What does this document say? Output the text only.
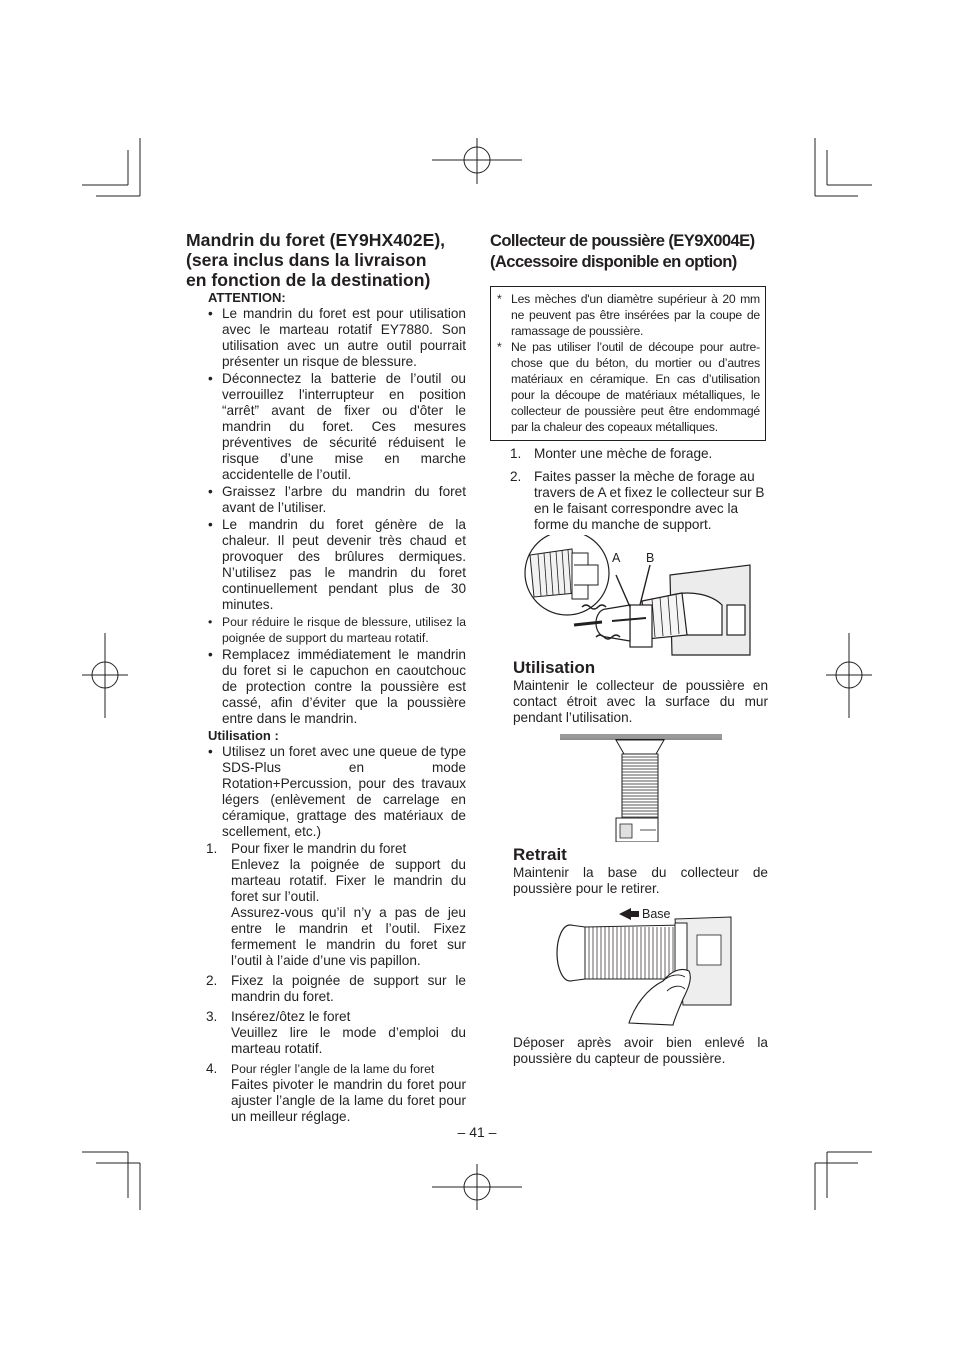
Mandrin du foret (EY9HX402E),
(sera inclus dans la livraison
en fonction de la destination)

ATTENTION:

• Le mandrin du foret est pour utilisation avec le marteau rotatif EY7880. Son utilisation avec un autre outil pourrait présenter un risque de blessure.
• Déconnectez la batterie de l’outil ou verrouillez l'interrupteur en position “arrêt” avant de fixer ou d'ôter le mandrin du foret. Ces mesures préventives de sécurité réduisent le risque d’une mise en marche accidentelle de l’outil.
• Graissez l’arbre du mandrin du foret avant de l’utiliser.
• Le mandrin du foret génère de la chaleur. Il peut devenir très chaud et provoquer des brûlures dermiques. N’utilisez pas le mandrin du foret continuellement pendant plus de 30 minutes.
• Pour réduire le risque de blessure, utilisez la poignée de support du marteau rotatif.
• Remplacez immédiatement le mandrin du foret si le capuchon en caoutchouc de protection contre la poussière est cassé, afin d’éviter que la poussière entre dans le mandrin.

Utilisation :

• Utilisez un foret avec une queue de type SDS-Plus en mode Rotation+Percussion, pour des travaux légers (enlèvement de carrelage en céramique, grattage des matériaux de scellement, etc.)
1. Pour fixer le mandrin du foret
Enlevez la poignée de support du marteau rotatif. Fixer le mandrin du foret sur l’outil.
Assurez-vous qu’il n’y a pas de jeu entre le mandrin et l’outil. Fixez fermement le mandrin du foret sur l’outil à l’aide d’une vis papillon.
2. Fixez la poignée de support sur le mandrin du foret.
3. Insérez/ôtez le foret
Veuillez lire le mode d’emploi du marteau rotatif.
4. Pour régler l’angle de la lame du foret
Faites pivoter le mandrin du foret pour ajuster l’angle de la lame du foret pour un meilleur réglage.
Collecteur de poussière (EY9X004E)
(Accessoire disponible en option)
* Les mèches d'un diamètre supérieur à 20 mm ne peuvent pas être insérées par la coupe de ramassage de poussière.
* Ne pas utiliser l’outil de découpe pour autre-chose que du béton, du mortier ou d’autres matériaux en céramique. En cas d’utilisation pour la découpe de matériaux métalliques, le collecteur de poussière peut être endommagé par la chaleur des copeaux métalliques.
1. Monter une mèche de forage.
2. Faites passer la mèche de forage au travers de A et fixez le collecteur sur B en le faisant correspondre avec la forme du manche de support.
A B
Utilisation
Maintenir le collecteur de poussière en contact étroit avec la surface du mur pendant l’utilisation.
Retrait
Maintenir la base du collecteur de poussière pour le retirer.
Base
Déposer après avoir bien enlevé la poussière du capteur de poussière.
– 41 –
